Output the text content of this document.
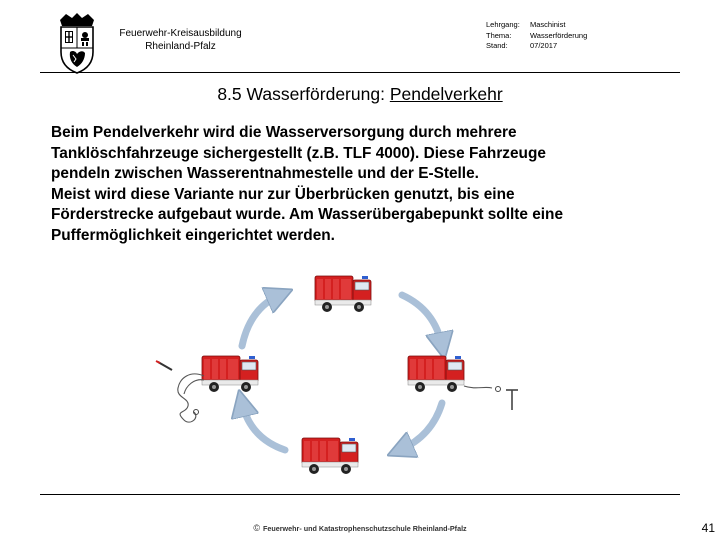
Feuerwehr-Kreisausbildung
Rheinland-Pfalz
Lehrgang:	Maschinist
Thema:	Wasserförderung
Stand:	07/2017
8.5 Wasserförderung: Pendelverkehr

Beim Pendelverkehr wird die Wasserversorgung durch mehrere

Tanklöschfahrzeuge sichergestellt (z.B. TLF 4000). Diese Fahrzeuge

pendeln zwischen Wasserentnahmestelle und der E-Stelle.

Meist wird diese Variante nur zur Überbrücken genutzt, bis eine

Förderstrecke aufgebaut wurde. Am Wasserübergabepunkt sollte eine

Puffermöglichkeit eingerichtet werden.

© Feuerwehr- und Katastrophenschutzschule Rheinland-Pfalz	41
